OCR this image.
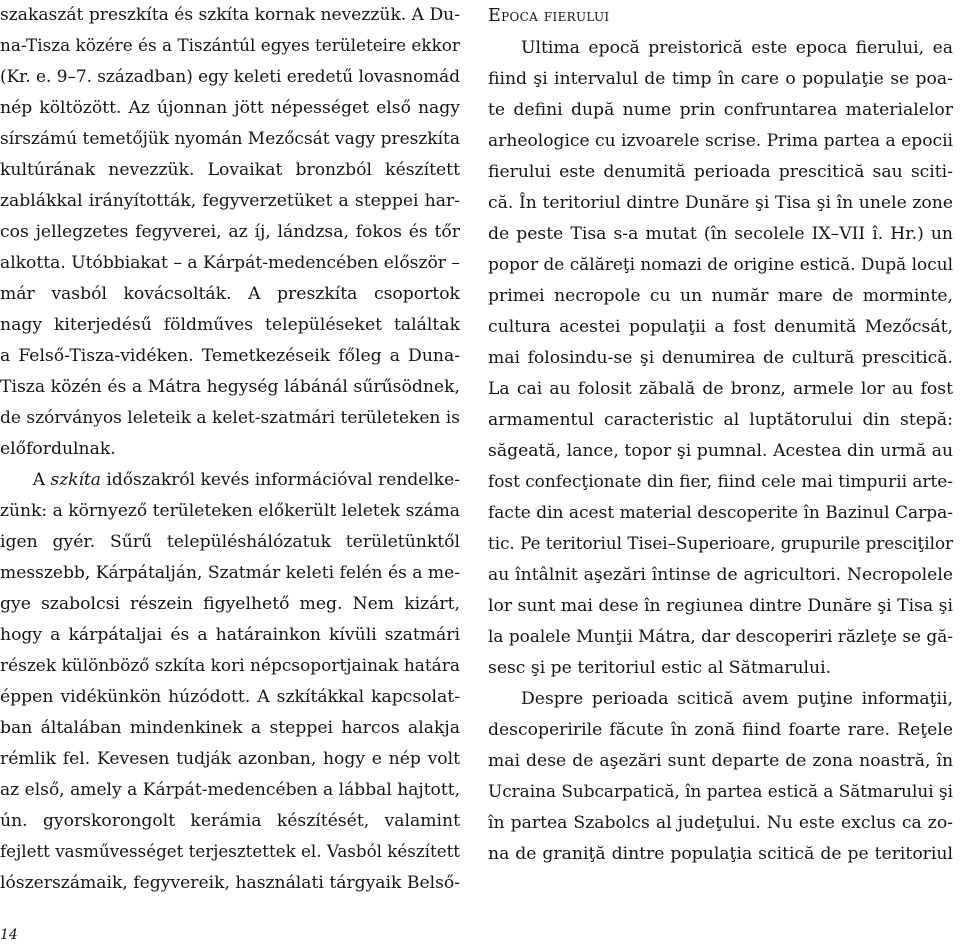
szakaszát preszkíta és szkíta kornak nevezzük. A Du-
na-Tisza közére és a Tiszántúl egyes területeire ekkor
(Kr. e. 9–7. században) egy keleti eredetű lovasnomád
nép költözött. Az újonnan jött népességet első nagy
sírszámú temetőjük nyomán Mezőcsát vagy preszkíta
kultúrának nevezzük. Lovaikat bronzból készített
zablákkal irányították, fegyverzetüket a steppei har-
cos jellegzetes fegyverei, az íj, lándzsa, fokos és tőr
alkotta. Utóbbiakat – a Kárpát-medencében először –
már vasból kovácsolták. A preszkíta csoportok
nagy kiterjedésű földműves településeket találtak
a Felső-Tisza-vidéken. Temetkezéseik főleg a Duna-
Tisza közén és a Mátra hegység lábánál sűrűsödnek,
de szórványos leleteik a kelet-szatmári területeken is
előfordulnak.
A szkíta időszakról kevés információval rendelke-
zünk: a környező területeken előkerült leletek száma
igen gyér. Sűrű településhálózatuk területünktől
messzebb, Kárpátalján, Szatmár keleti felén és a me-
gye szabolcsi részein figyelhető meg. Nem kizárt,
hogy a kárpátaljai és a határainkon kívüli szatmári
részek különböző szkíta kori népcsoportjainak határa
éppen vidékünkön húzódott. A szkítákkal kapcsolat-
ban általában mindenkinek a steppei harcos alakja
rémlik fel. Kevesen tudják azonban, hogy e nép volt
az első, amely a Kárpát-medencében a lábbal hajtott,
ún. gyorskorongolt kerámia készítését, valamint
fejlett vasművességet terjesztettek el. Vasból készített
lószerszámaik, fegyvereik, használati tárgyaik Belső-
Epoca fierului
Ultima epocă preistorică este epoca fierului, ea
fiind şi intervalul de timp în care o populaţie se poa-
te defini după nume prin confruntarea materialelor
arheologice cu izvoarele scrise. Prima partea a epocii
fierului este denumită perioada prescitică sau sciti-
că. În teritoriul dintre Dunăre şi Tisa şi în unele zone
de peste Tisa s-a mutat (în secolele IX–VII î. Hr.) un
popor de călăreţi nomazi de origine estică. După locul
primei necropole cu un număr mare de morminte,
cultura acestei populaţii a fost denumită Mezőcsát,
mai folosindu-se şi denumirea de cultură prescitică.
La cai au folosit zăbală de bronz, armele lor au fost
armamentul caracteristic al luptătorului din stepă:
săgeată, lance, topor şi pumnal. Acestea din urmă au
fost confecţionate din fier, fiind cele mai timpurii arte-
facte din acest material descoperite în Bazinul Carpa-
tic. Pe teritoriul Tisei–Superioare, grupurile presciţilor
au întâlnit aşezări întinse de agricultori. Necropolele
lor sunt mai dese în regiunea dintre Dunăre şi Tisa şi
la poalele Munţii Mátra, dar descoperiri răzleţe se gă-
sesc şi pe teritoriul estic al Sătmarului.
Despre perioada scitică avem puţine informaţii,
descoperirile făcute în zonă fiind foarte rare. Reţele
mai dese de aşezări sunt departe de zona noastră, în
Ucraina Subcarpatică, în partea estică a Sătmarului şi
în partea Szabolcs al judeţului. Nu este exclus ca zo-
na de graniţă dintre populaţia scitică de pe teritoriul
14
